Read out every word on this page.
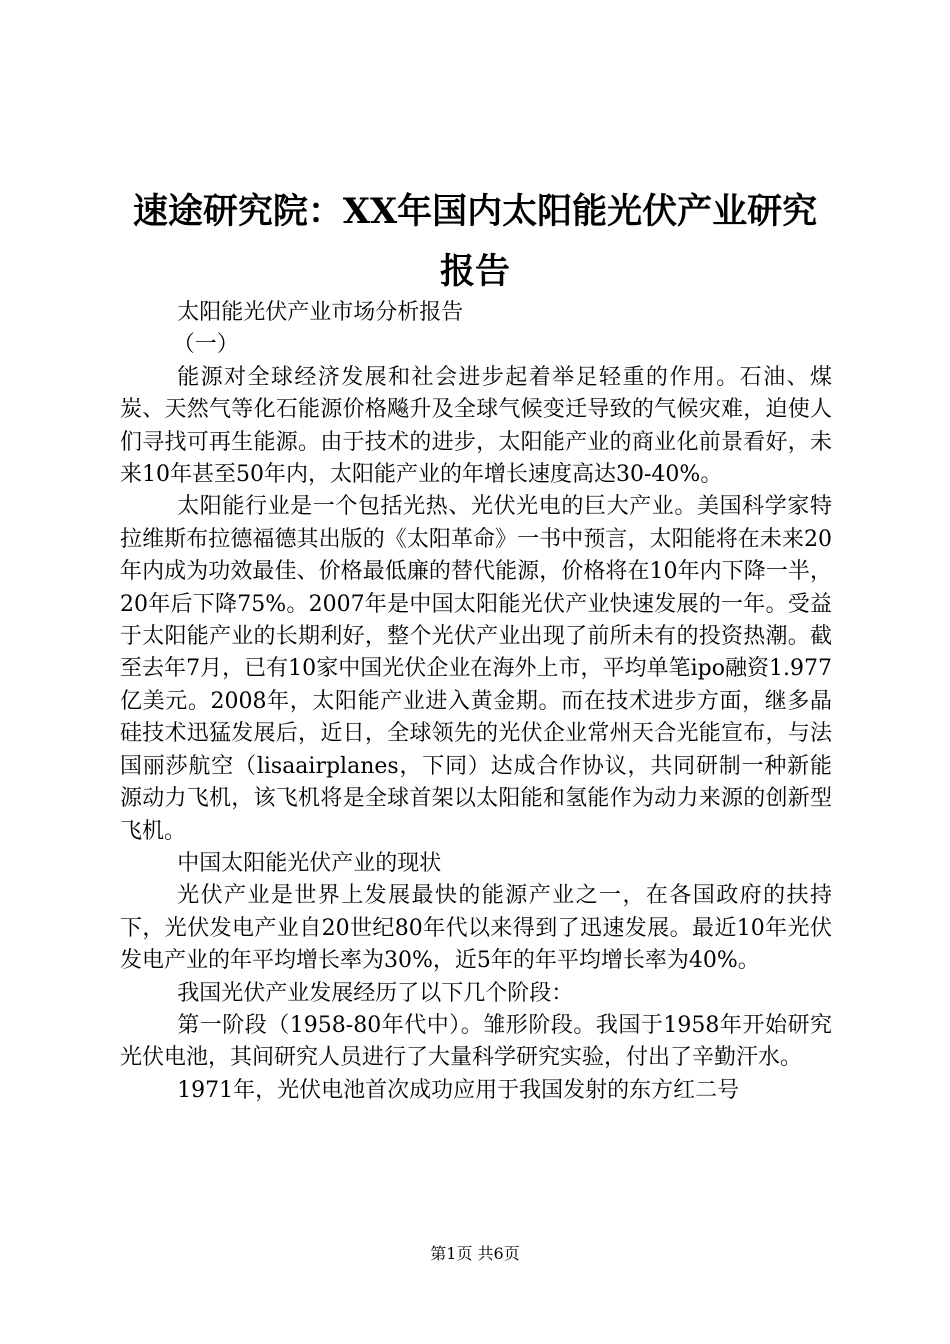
速途研究院：XX年国内太阳能光伏产业研究报告

太阳能光伏产业市场分析报告

（一）

能源对全球经济发展和社会进步起着举足轻重的作用。石油、煤炭、天然气等化石能源价格飚升及全球气候变迁导致的气候灾难，迫使人们寻找可再生能源。由于技术的进步，太阳能产业的商业化前景看好，未来10年甚至50年内，太阳能产业的年增长速度高达30-40%。

太阳能行业是一个包括光热、光伏光电的巨大产业。美国科学家特拉维斯布拉德福德其出版的《太阳革命》一书中预言，太阳能将在未来20年内成为功效最佳、价格最低廉的替代能源，价格将在10年内下降一半，20年后下降75%。2007年是中国太阳能光伏产业快速发展的一年。受益于太阳能产业的长期利好，整个光伏产业出现了前所未有的投资热潮。截至去年7月，已有10家中国光伏企业在海外上市，平均单笔ipo融资1.977亿美元。2008年，太阳能产业进入黄金期。而在技术进步方面，继多晶硅技术迅猛发展后，近日，全球领先的光伏企业常州天合光能宣布，与法国丽莎航空（lisaairplanes，下同）达成合作协议，共同研制一种新能源动力飞机，该飞机将是全球首架以太阳能和氢能作为动力来源的创新型飞机。

中国太阳能光伏产业的现状

光伏产业是世界上发展最快的能源产业之一，在各国政府的扶持下，光伏发电产业自20世纪80年代以来得到了迅速发展。最近10年光伏发电产业的年平均增长率为30%，近5年的年平均增长率为40%。

我国光伏产业发展经历了以下几个阶段：

第一阶段（1958-80年代中）。雏形阶段。我国于1958年开始研究光伏电池，其间研究人员进行了大量科学研究实验，付出了辛勤汗水。

1971年，光伏电池首次成功应用于我国发射的东方红二号

第1页 共6页
